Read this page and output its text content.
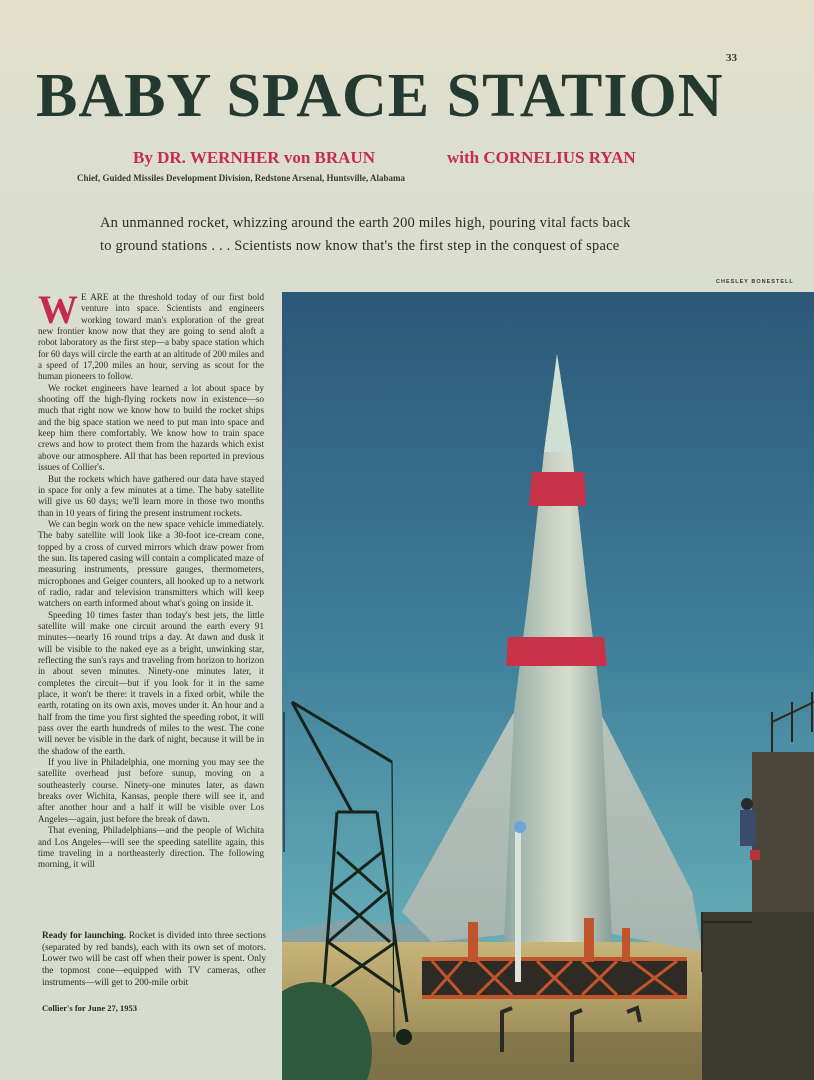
33
BABY SPACE STATION
By DR. WERNHER von BRAUN	with CORNELIUS RYAN
Chief, Guided Missiles Development Division, Redstone Arsenal, Huntsville, Alabama
An unmanned rocket, whizzing around the earth 200 miles high, pouring vital facts back
to ground stations . . . Scientists now know that's the first step in the conquest of space
CHESLEY BONESTELL

W E ARE at the threshold today of our first bold venture into space. Scientists and engineers working toward man's exploration of the great new frontier know now that they are going to send aloft a robot laboratory as the first step—a baby space station which for 60 days will circle the earth at an altitude of 200 miles and a speed of 17,200 miles an hour, serving as scout for the human pioneers to follow.

We rocket engineers have learned a lot about space by shooting off the high-flying rockets now in existence—so much that right now we know how to build the rocket ships and the big space station we need to put man into space and keep him there comfortably. We know how to train space crews and how to protect them from the hazards which exist above our atmosphere. All that has been reported in previous issues of Collier's.

But the rockets which have gathered our data have stayed in space for only a few minutes at a time. The baby satellite will give us 60 days; we'll learn more in those two months than in 10 years of firing the present instrument rockets.

We can begin work on the new space vehicle immediately. The baby satellite will look like a 30-foot ice-cream cone, topped by a cross of curved mirrors which draw power from the sun. Its tapered casing will contain a complicated maze of measuring instruments, pressure gauges, thermometers, microphones and Geiger counters, all hooked up to a network of radio, radar and television transmitters which will keep watchers on earth informed about what's going on inside it.

Speeding 10 times faster than today's best jets, the little satellite will make one circuit around the earth every 91 minutes—nearly 16 round trips a day. At dawn and dusk it will be visible to the naked eye as a bright, unwinking star, reflecting the sun's rays and traveling from horizon to horizon in about seven minutes. Ninety-one minutes later, it completes the circuit—but if you look for it in the same place, it won't be there: it travels in a fixed orbit, while the earth, rotating on its own axis, moves under it. An hour and a half from the time you first sighted the speeding robot, it will pass over the earth hundreds of miles to the west. The cone will never be visible in the dark of night, because it will be in the shadow of the earth.

If you live in Philadelphia, one morning you may see the satellite overhead just before sunup, moving on a southeasterly course. Ninety-one minutes later, as dawn breaks over Wichita, Kansas, people there will see it, and after another hour and a half it will be visible over Los Angeles—again, just before the break of dawn.

That evening, Philadelphians—and the people of Wichita and Los Angeles—will see the speeding satellite again, this time traveling in a northeasterly direction. The following morning, it will

Ready for launching. Rocket is divided into three sections (separated by red bands), each with its own set of motors. Lower two will be cast off when their power is spent. Only the topmost cone—equipped with TV cameras, other instruments—will get to 200-mile orbit
Collier's for June 27, 1953
